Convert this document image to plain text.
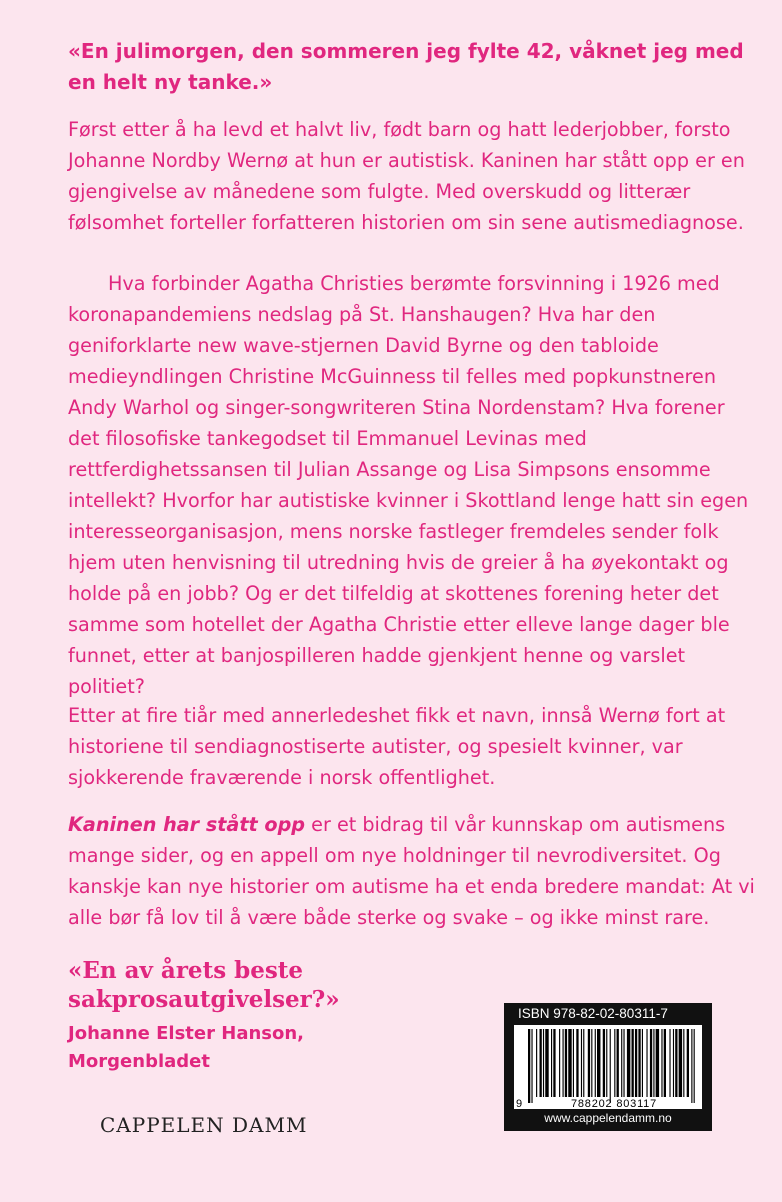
«En julimorgen, den sommeren jeg fylte 42, våknet jeg med en helt ny tanke.»

Først etter å ha levd et halvt liv, født barn og hatt lederjobber, forsto Johanne Nordby Wernø at hun er autistisk. Kaninen har stått opp er en gjengivelse av månedene som fulgte. Med overskudd og litterær følsomhet forteller forfatteren historien om sin sene autismediagnose.

Hva forbinder Agatha Christies berømte forsvinning i 1926 med koronapandemiens nedslag på St. Hanshaugen? Hva har den geniforklarte new wave-stjernen David Byrne og den tabloide medieyndlingen Christine McGuinness til felles med popkunstneren Andy Warhol og singer-songwriteren Stina Nordenstam? Hva forener det filosofiske tankegodset til Emmanuel Levinas med rettferdighetssansen til Julian Assange og Lisa Simpsons ensomme intellekt? Hvorfor har autistiske kvinner i Skottland lenge hatt sin egen interesseorganisasjon, mens norske fastleger fremdeles sender folk hjem uten henvisning til utredning hvis de greier å ha øyekontakt og holde på en jobb? Og er det tilfeldig at skottenes forening heter det samme som hotellet der Agatha Christie etter elleve lange dager ble funnet, etter at banjospilleren hadde gjenkjent henne og varslet politiet?

Etter at fire tiår med annerledeshet fikk et navn, innså Wernø fort at historiene til sendiagnostiserte autister, og spesielt kvinner, var sjokkerende fraværende i norsk offentlighet.

Kaninen har stått opp er et bidrag til vår kunnskap om autismens mange sider, og en appell om nye holdninger til nevrodiversitet. Og kanskje kan nye historier om autisme ha et enda bredere mandat: At vi alle bør få lov til å være både sterke og svake – og ikke minst rare.

«En av årets beste sakprosautgivelser?»
Johanne Elster Hanson,
Morgenbladet
CAPPELEN DAMM
ISBN 978-82-02-80311-7
9	788202 803117
www.cappelendamm.no
